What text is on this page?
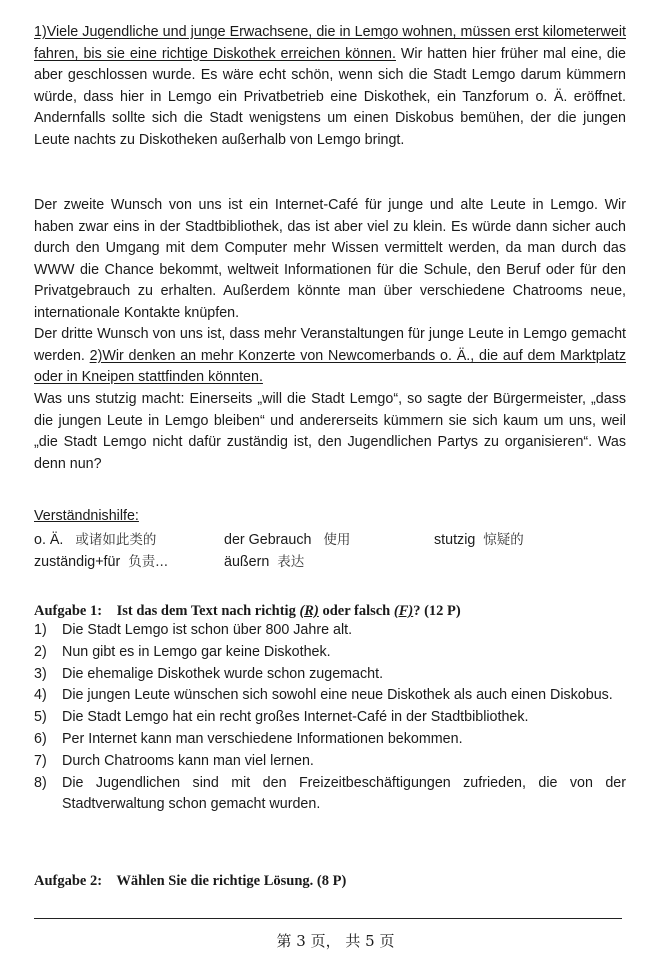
1)Viele Jugendliche und junge Erwachsene, die in Lemgo wohnen, müssen erst kilometerweit fahren, bis sie eine richtige Diskothek erreichen können. Wir hatten hier früher mal eine, die aber geschlossen wurde. Es wäre echt schön, wenn sich die Stadt Lemgo darum kümmern würde, dass hier in Lemgo ein Privatbetrieb eine Diskothek, ein Tanzforum o. Ä. eröffnet. Andernfalls sollte sich die Stadt wenigstens um einen Diskobus bemühen, der die jungen Leute nachts zu Diskotheken außerhalb von Lemgo bringt.
Der zweite Wunsch von uns ist ein Internet-Café für junge und alte Leute in Lemgo. Wir haben zwar eins in der Stadtbibliothek, das ist aber viel zu klein. Es würde dann sicher auch durch den Umgang mit dem Computer mehr Wissen vermittelt werden, da man durch das WWW die Chance bekommt, weltweit Informationen für die Schule, den Beruf oder für den Privatgebrauch zu erhalten. Außerdem könnte man über verschiedene Chatrooms neue, internationale Kontakte knüpfen.
Der dritte Wunsch von uns ist, dass mehr Veranstaltungen für junge Leute in Lemgo gemacht werden. 2)Wir denken an mehr Konzerte von Newcomerbands o. Ä., die auf dem Marktplatz oder in Kneipen stattfinden könnten.
Was uns stutzig macht: Einerseits „will die Stadt Lemgo“, so sagte der Bürgermeister, „dass die jungen Leute in Lemgo bleiben“ und andererseits kümmern sie sich kaum um uns, weil „die Stadt Lemgo nicht dafür zuständig ist, den Jugendlichen Partys zu organisieren“. Was denn nun?
Verständnishilfe:
o. Ä. 或诸如此类的	der Gebrauch 使用	stutzig 惊疑的
zuständig+für 负责...	äußern 表达
Aufgabe 1: Ist das dem Text nach richtig (R) oder falsch (F)? (12 P)
1)	Die Stadt Lemgo ist schon über 800 Jahre alt.
2)	Nun gibt es in Lemgo gar keine Diskothek.
3)	Die ehemalige Diskothek wurde schon zugemacht.
4)	Die jungen Leute wünschen sich sowohl eine neue Diskothek als auch einen Diskobus.
5)	Die Stadt Lemgo hat ein recht großes Internet-Café in der Stadtbibliothek.
6)	Per Internet kann man verschiedene Informationen bekommen.
7)	Durch Chatrooms kann man viel lernen.
8)	Die Jugendlichen sind mit den Freizeitbeschäftigungen zufrieden, die von der Stadtverwaltung schon gemacht wurden.
Aufgabe 2: Wählen Sie die richtige Lösung. (8 P)
第 3 页， 共 5 页
